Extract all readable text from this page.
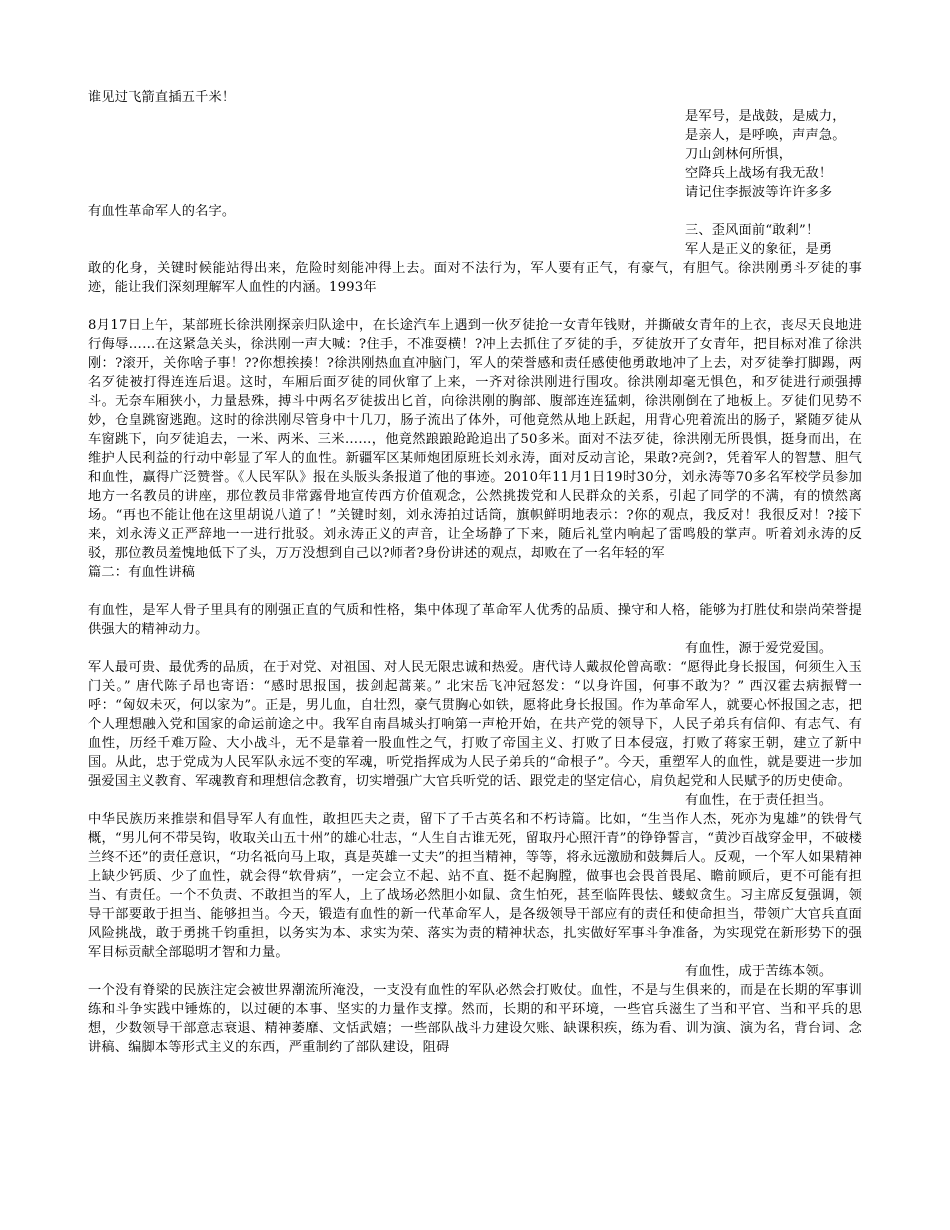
谁见过飞箭直插五千米！
是军号，是战鼓，是威力，
是亲人，是呼唤，声声急。
刀山剑林何所惧，
空降兵上战场有我无敌！
请记住李振波等许许多多
有血性革命军人的名字。
三、歪风面前“敢剎”！
军人是正义的象征，是勇

敢的化身，关键时候能站得出来，危险时刻能冲得上去。面对不法行为，军人要有正气，有豪气，有胆气。徐洪刚勇斗歹徒的事迹，能让我们深刻理解军人血性的内涵。1993年

8月17日上午，某部班长徐洪刚探亲归队途中，在长途汽车上遇到一伙歹徒抢一女青年钱财，并撕破女青年的上衣，丧尽天良地进行侮辱……在这紧急关头，徐洪刚一声大喊：?住手，不准耍横！?冲上去抓住了歹徒的手，歹徒放开了女青年，把目标对准了徐洪刚：?滚开，关你啥子事！??你想挨揍！?徐洪刚热血直冲脑门，军人的荣誉感和责任感使他勇敢地冲了上去，对歹徒拳打脚踢，两名歹徒被打得连连后退。这时，车厢后面歹徒的同伙窜了上来，一齐对徐洪刚进行围攻。徐洪刚却毫无惧色，和歹徒进行顽强搏斗。无奈车厢狭小，力量悬殊，搏斗中两名歹徒拔出匕首，向徐洪刚的胸部、腹部连连猛刺，徐洪刚倒在了地板上。歹徒们见势不妙，仓皇跳窗逃跑。这时的徐洪刚尽管身中十几刀，肠子流出了体外，可他竟然从地上跃起，用背心兜着流出的肠子，紧随歹徒从车窗跳下，向歹徒追去，一米、两米、三米……，他竟然踉踉跄跄追出了50多米。面对不法歹徒，徐洪刚无所畏惧，挺身而出，在维护人民利益的行动中彰显了军人的血性。新疆军区某师炮团原班长刘永涛，面对反动言论，果敢?亮剑?，凭着军人的智慧、胆气和血性，赢得广泛赞誉。《人民军队》报在头版头条报道了他的事迹。2010年11月1日19时30分，刘永涛等70多名军校学员参加地方一名教员的讲座，那位教员非常露骨地宣传西方价值观念，公然挑拨党和人民群众的关系，引起了同学的不满，有的愤然离场。“再也不能让他在这里胡说八道了！”关键时刻，刘永涛拍过话筒，旗帜鲜明地表示：?你的观点，我反对！我很反对！?接下来，刘永涛义正严辞地一一进行批驳。刘永涛正义的声音，让全场静了下来，随后礼堂内响起了雷鸣般的掌声。听着刘永涛的反驳，那位教员羞愧地低下了头，万万没想到自己以?师者?身份讲述的观点，却败在了一名年轻的军

篇二：有血性讲稿

有血性，是军人骨子里具有的刚强正直的气质和性格，集中体现了革命军人优秀的品质、操守和人格，能够为打胜仗和崇尚荣誉提供强大的精神动力。

有血性，源于爱党爱国。

军人最可贵、最优秀的品质，在于对党、对祖国、对人民无限忠诚和热爱。唐代诗人戴叔伦曾高歌：“愿得此身长报国，何须生入玉门关。” 唐代陈子昂也寄语：“感时思报国，拔剑起蒿莱。” 北宋岳飞冲冠怒发：“以身许国，何事不敢为？” 西汉霍去病振臂一呼：“匈奴未灭，何以家为”。正是，男儿血，自壮烈，豪气贯胸心如铁，愿将此身长报国。作为革命军人，就要心怀报国之志，把个人理想融入党和国家的命运前途之中。我军自南昌城头打响第一声枪开始，在共产党的领导下，人民子弟兵有信仰、有志气、有血性，历经千难万险、大小战斗，无不是靠着一股血性之气，打败了帝国主义、打败了日本侵寇，打败了蒋家王朝，建立了新中国。从此，忠于党成为人民军队永远不变的军魂，听党指挥成为人民子弟兵的“命根子”。今天，重塑军人的血性，就是要进一步加强爱国主义教育、军魂教育和理想信念教育，切实增强广大官兵听党的话、跟党走的坚定信心，肩负起党和人民赋予的历史使命。

有血性，在于责任担当。

中华民族历来推崇和倡导军人有血性，敢担匹夫之责，留下了千古英名和不朽诗篇。比如，“生当作人杰，死亦为鬼雄”的铁骨气概，“男儿何不带吴钩，收取关山五十州”的雄心壮志，“人生自古谁无死，留取丹心照汗青”的铮铮誓言，“黄沙百战穿金甲，不破楼兰终不还”的责任意识，“功名祗向马上取，真是英雄一丈夫”的担当精神，等等，将永远激励和鼓舞后人。反观，一个军人如果精神上缺少钙质、少了血性，就会得“软骨病”，一定会立不起、站不直、挺不起胸膛，做事也会畏首畏尾、瞻前顾后，更不可能有担当、有责任。一个不负责、不敢担当的军人，上了战场必然胆小如鼠、贪生怕死，甚至临阵畏怯、蝼蚁贪生。习主席反复强调，领导干部要敢于担当、能够担当。今天，锻造有血性的新一代革命军人，是各级领导干部应有的责任和使命担当，带领广大官兵直面风险挑战，敢于勇挑千钧重担，以务实为本、求实为荣、落实为责的精神状态，扎实做好军事斗争准备，为实现党在新形势下的强军目标贡献全部聪明才智和力量。

有血性，成于苦练本领。

一个没有脊梁的民族注定会被世界潮流所淹没，一支没有血性的军队必然会打败仗。血性，不是与生俱来的，而是在长期的军事训练和斗争实践中锤炼的，以过硬的本事、坚实的力量作支撑。然而，长期的和平环境，一些官兵滋生了当和平官、当和平兵的思想，少数领导干部意志衰退、精神萎靡、文恬武嬉；一些部队战斗力建设欠账、缺课积疾，练为看、训为演、演为名，背台词、念讲稿、编脚本等形式主义的东西，严重制约了部队建设，阻碍
